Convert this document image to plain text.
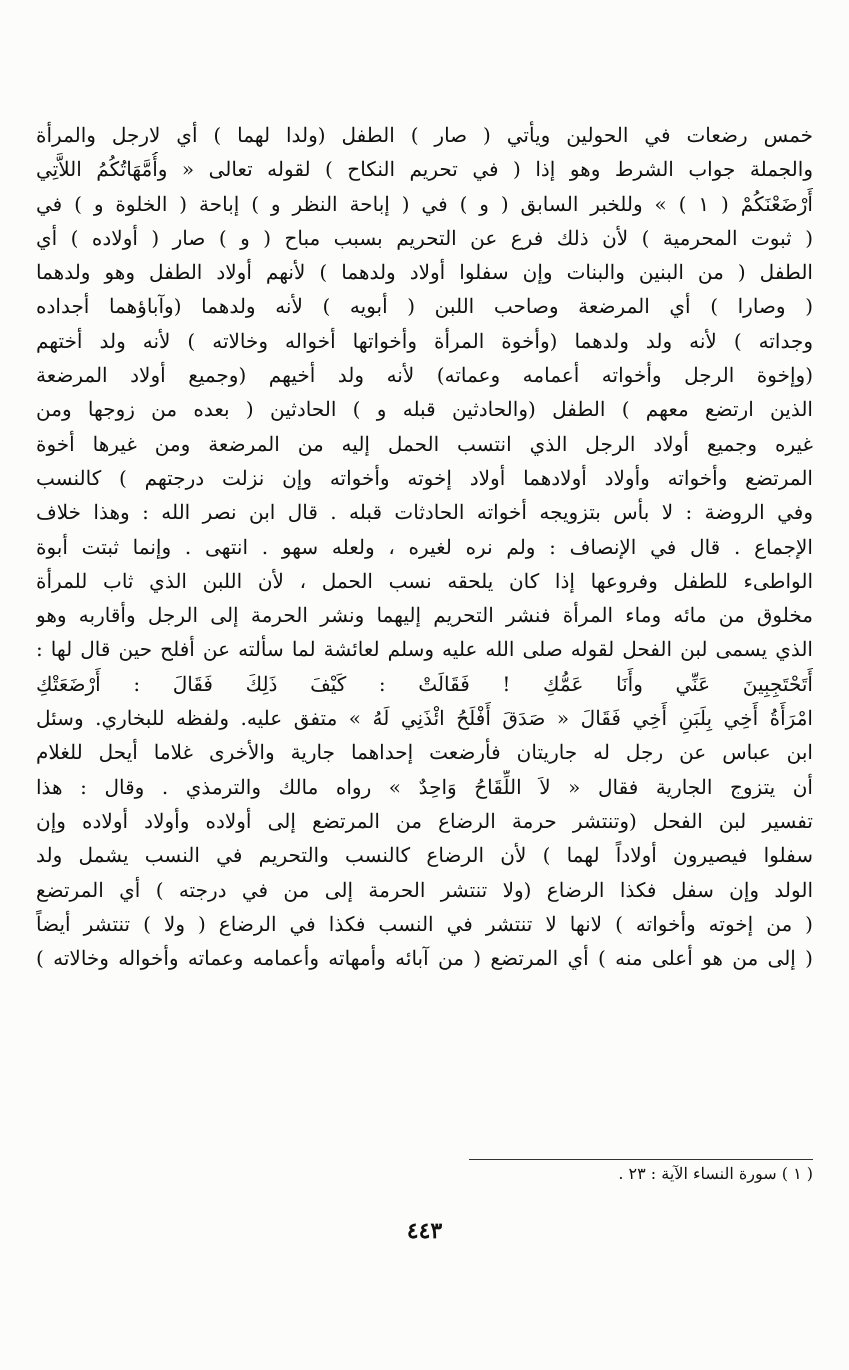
خمس رضعات في الحولين ويأتي ( صار ) الطفل (ولدا لهما ) أي لارجل والمرأة
والجملة جواب الشرط وهو إذا ( في تحريم النكاح ) لقوله تعالى « وأُمَّهَاتُكُمُ اللاَّتِي
أَرْضَعْنَكُمْ ( ١ ) » وللخبر السابق ( و ) في ( إباحة النظر و ) إباحة ( الخلوة و ) في
( ثبوت المحرمية ) لأن ذلك فرع عن التحريم بسبب مباح ( و ) صار ( أولاده ) أي
الطفل ( من البنين والبنات وإن سفلوا أولاد ولدهما ) لأنهم أولاد الطفل وهو ولدهما
( وصارا ) أي المرضعة وصاحب اللبن ( أبويه ) لأنه ولدهما (وآباؤهما أجداده
وجداته ) لأنه ولد ولدهما (وأخوة المرأة وأخواتها أخواله وخالاته ) لأنه ولد أختهم
(وإخوة الرجل وأخواته أعمامه وعماته) لأنه ولد أخيهم (وجميع أولاد المرضعة
الذين ارتضع معهم ) الطفل (والحادثين قبله و ) الحادثين ( بعده من زوجها ومن
غيره وجميع أولاد الرجل الذي انتسب الحمل إليه من المرضعة ومن غيرها أخوة
المرتضع وأخواته وأولاد أولادهما أولاد إخوته وأخواته وإن نزلت درجتهم ) كالنسب
وفي الروضة : لا بأس بتزويجه أخواته الحادثات قبله . قال ابن نصر الله : وهذا خلاف
الإجماع . قال في الإنصاف : ولم نره لغيره ، ولعله سهو . انتهى . وإنما ثبتت أبوة
الواطىء للطفل وفروعها إذا كان يلحقه نسب الحمل ، لأن اللبن الذي ثاب للمرأة
مخلوق من مائه وماء المرأة فنشر التحريم إليهما ونشر الحرمة إلى الرجل وأقاربه وهو
الذي يسمى لبن الفحل لقوله صلى الله عليه وسلم لعائشة لما سألته عن أفلح حين قال لها :
أَتَحْتَجِبِينَ عَنِّي وأَنَا عَمُّكِ ! فَقَالَتْ : كَيْفَ ذَلِكَ فَقَالَ : أَرْضَعَتْكِ
امْرَأَةُ أَخِي بِلَبَنِ أَخِي فَقَالَ « صَدَقَ أَفْلَحُ ائْذَنِي لَهُ » متفق عليه. ولفظه للبخاري. وسئل
ابن عباس عن رجل له جاريتان فأرضعت إحداهما جارية والأخرى غلاما أيحل للغلام
أن يتزوج الجارية فقال « لاَ اللِّقَاحُ وَاحِدٌ » رواه مالك والترمذي . وقال : هذا
تفسير لبن الفحل (وتنتشر حرمة الرضاع من المرتضع إلى أولاده وأولاد أولاده وإن
سفلوا فيصيرون أولاداً لهما ) لأن الرضاع كالنسب والتحريم في النسب يشمل ولد
الولد وإن سفل فكذا الرضاع (ولا تنتشر الحرمة إلى من في درجته ) أي المرتضع
( من إخوته وأخواته ) لانها لا تنتشر في النسب فكذا في الرضاع ( ولا ) تنتشر أيضاً
( إلى من هو أعلى منه ) أي المرتضع ( من آبائه وأمهاته وأعمامه وعماته وأخواله وخالاته )
( ١ ) سورة النساء الآية : ٢٣ .
٤٤٣
